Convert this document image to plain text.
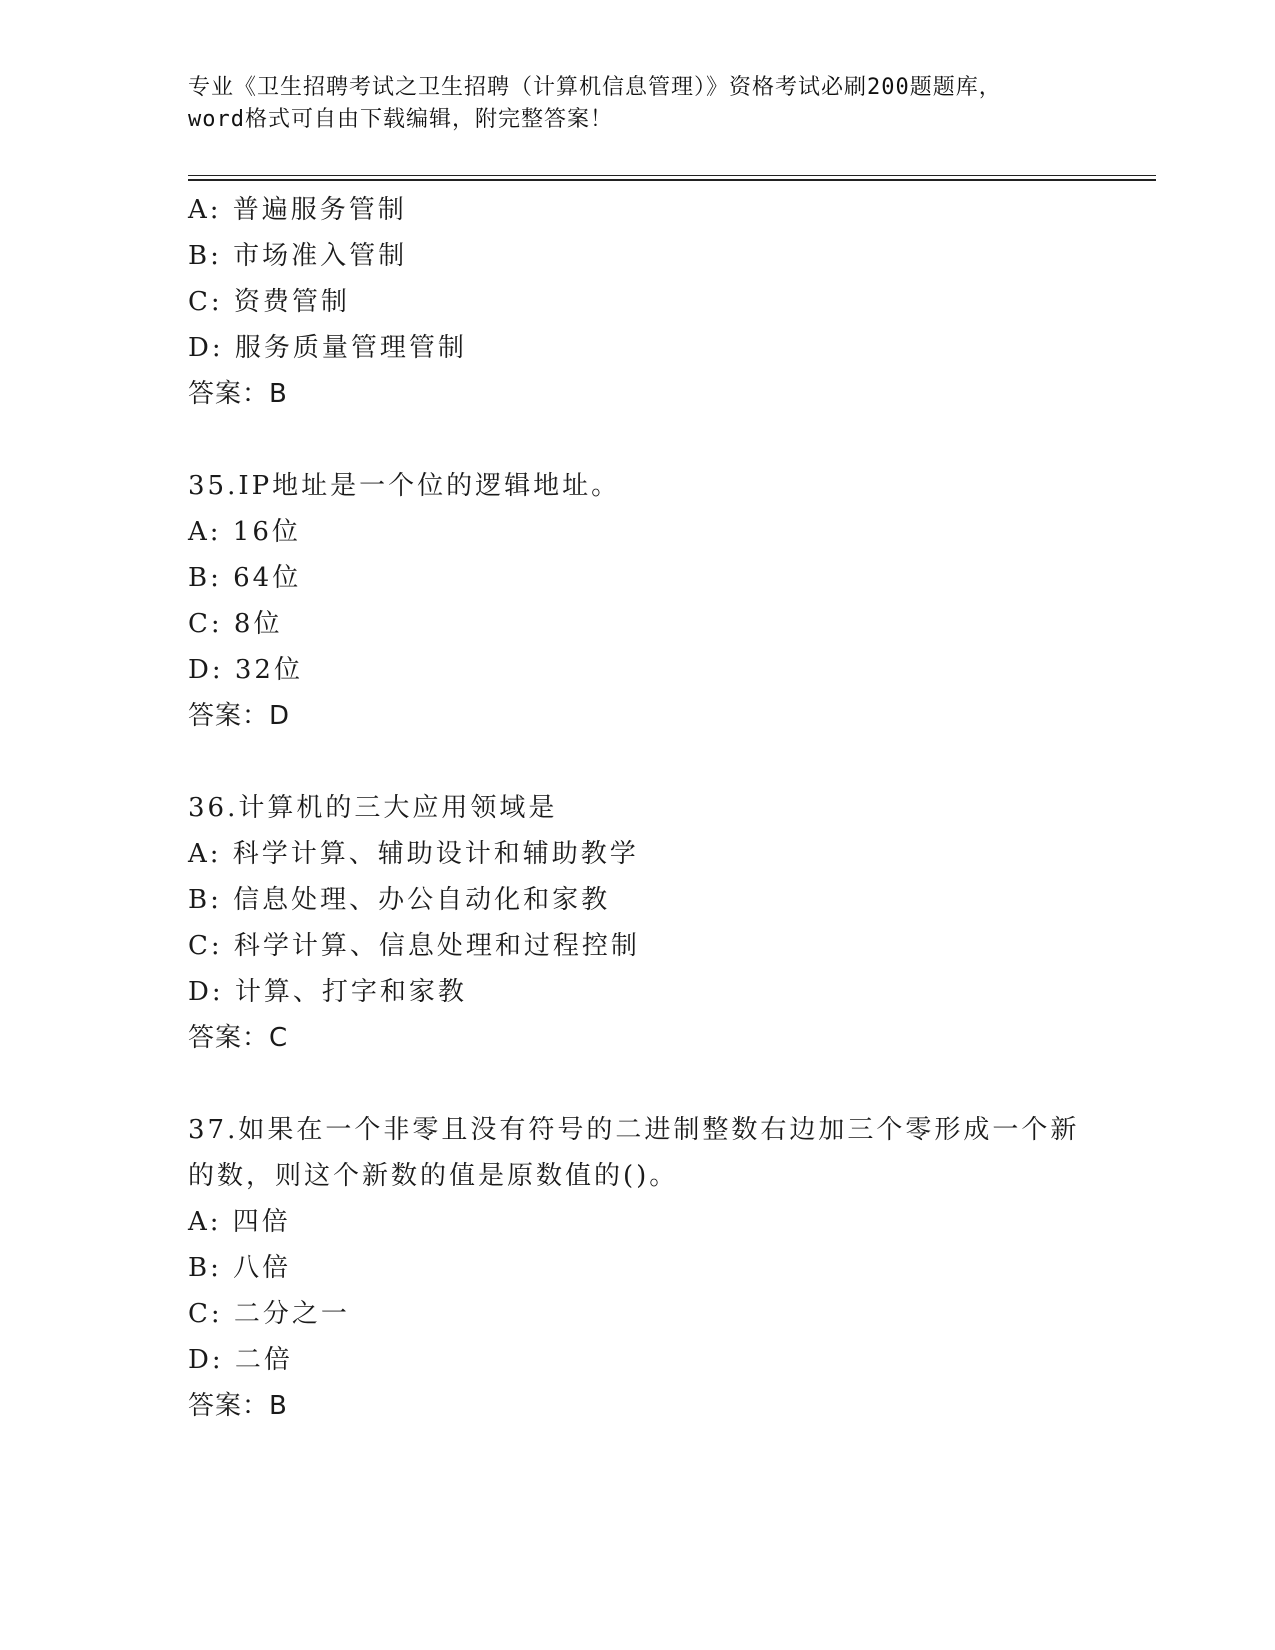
专业《卫生招聘考试之卫生招聘（计算机信息管理）》资格考试必刷200题题库，
word格式可自由下载编辑，附完整答案！
A: 普遍服务管制
B: 市场准入管制
C: 资费管制
D: 服务质量管理管制
答案：B
35.IP地址是一个位的逻辑地址。
A: 16位
B: 64位
C: 8位
D: 32位
答案：D
36.计算机的三大应用领域是
A: 科学计算、辅助设计和辅助教学
B: 信息处理、办公自动化和家教
C: 科学计算、信息处理和过程控制
D: 计算、打字和家教
答案：C
37.如果在一个非零且没有符号的二进制整数右边加三个零形成一个新
的数，则这个新数的值是原数值的()。
A: 四倍
B: 八倍
C: 二分之一
D: 二倍
答案：B
